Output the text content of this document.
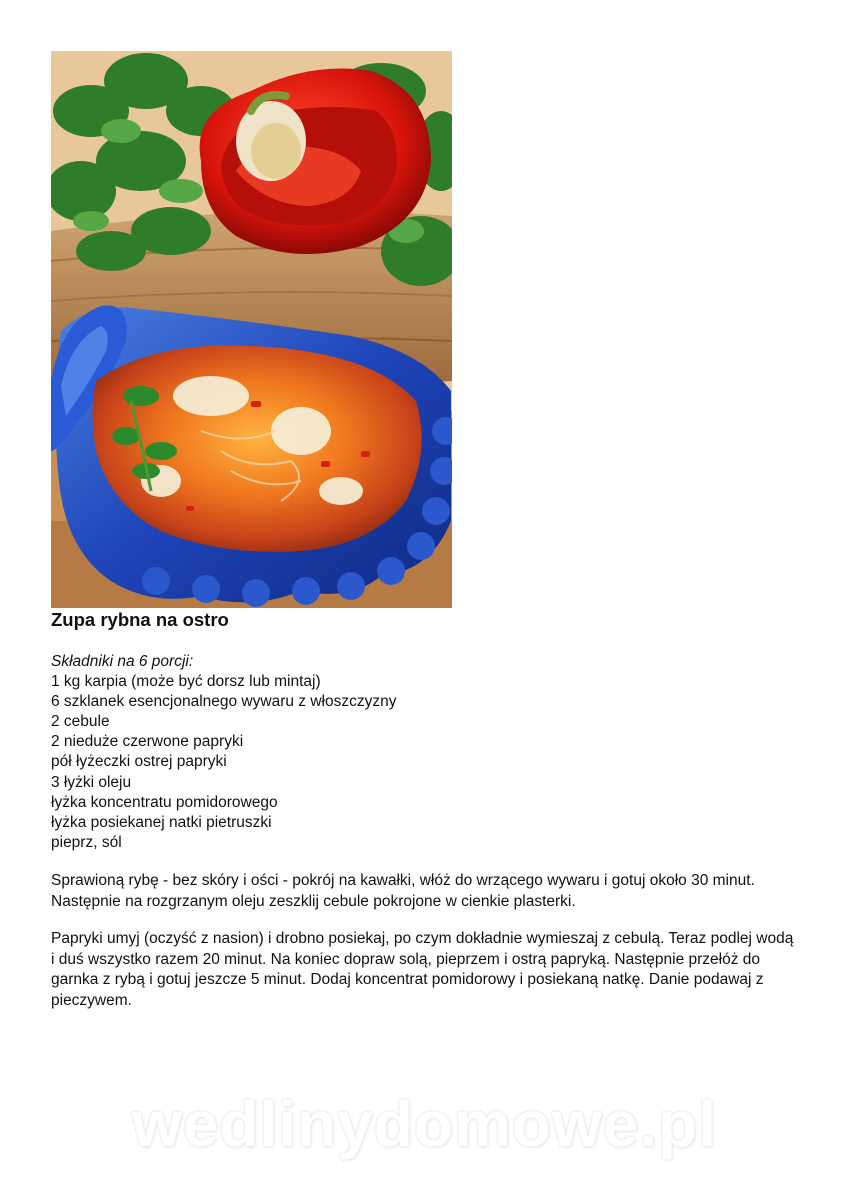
Zupa rybna na ostro
Składniki na 6 porcji:
1 kg karpia (może być dorsz lub mintaj)
6 szklanek esencjonalnego wywaru z włoszczyzny
2 cebule
2 nieduże czerwone papryki
pół łyżeczki ostrej papryki
3 łyżki oleju
łyżka koncentratu pomidorowego
łyżka posiekanej natki pietruszki
pieprz, sól

Sprawioną rybę - bez skóry i ości - pokrój na kawałki, włóż do wrzącego wywaru i gotuj około 30 minut. Następnie na rozgrzanym oleju zeszklij cebule pokrojone w cienkie plasterki.

Papryki umyj (oczyść z nasion) i drobno posiekaj, po czym dokładnie wymieszaj z cebulą. Teraz podlej wodą i duś wszystko razem 20 minut. Na koniec dopraw solą, pieprzem i ostrą papryką. Następnie przełóż do garnka z rybą i gotuj jeszcze 5 minut. Dodaj koncentrat pomidorowy i posiekaną natkę. Danie podawaj z pieczywem.

wedlinydomowe.pl
